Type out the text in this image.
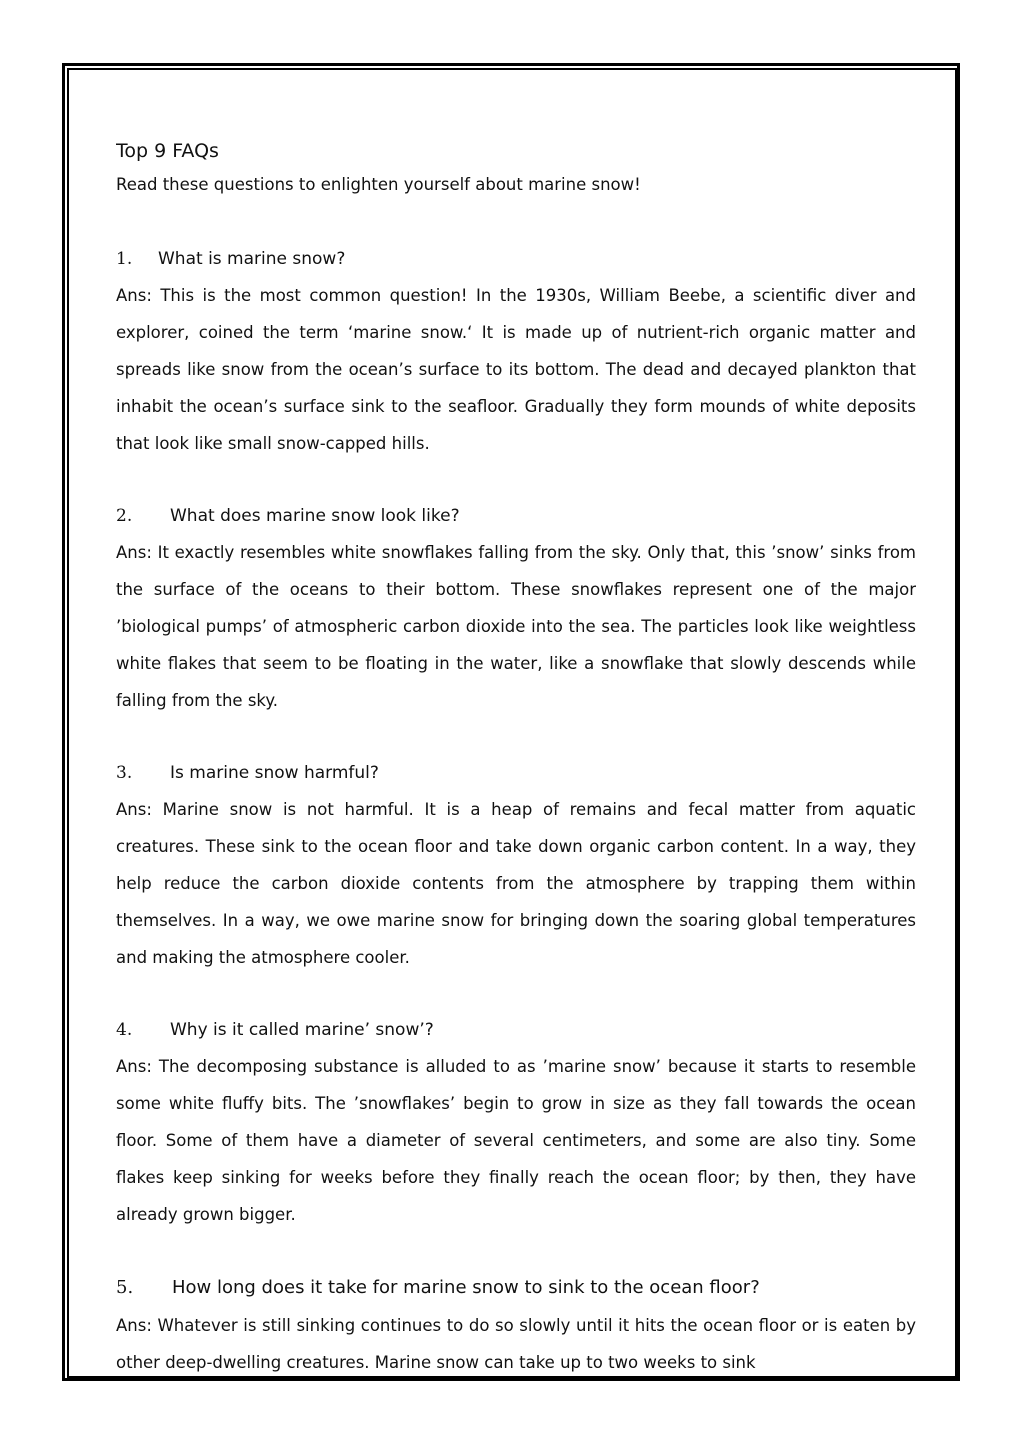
Top 9 FAQs

Read these questions to enlighten yourself about marine snow!

1.	What is marine snow?

Ans: This is the most common question! In the 1930s, William Beebe, a scientific diver and explorer, coined the term ‘marine snow.‘ It is made up of nutrient-rich organic matter and spreads like snow from the ocean’s surface to its bottom. The dead and decayed plankton that inhabit the ocean’s surface sink to the seafloor. Gradually they form mounds of white deposits that look like small snow-capped hills.

2.	What does marine snow look like?

Ans: It exactly resembles white snowflakes falling from the sky. Only that, this ’snow’ sinks from the surface of the oceans to their bottom. These snowflakes represent one of the major ’biological pumps’ of atmospheric carbon dioxide into the sea. The particles look like weightless white flakes that seem to be floating in the water, like a snowflake that slowly descends while falling from the sky.

3.	Is marine snow harmful?

Ans: Marine snow is not harmful. It is a heap of remains and fecal matter from aquatic creatures. These sink to the ocean floor and take down organic carbon content. In a way, they help reduce the carbon dioxide contents from the atmosphere by trapping them within themselves. In a way, we owe marine snow for bringing down the soaring global temperatures and making the atmosphere cooler.

4.	Why is it called marine’ snow’?

Ans: The decomposing substance is alluded to as ’marine snow’ because it starts to resemble some white fluffy bits. The ’snowflakes’ begin to grow in size as they fall towards the ocean floor. Some of them have a diameter of several centimeters, and some are also tiny. Some flakes keep sinking for weeks before they finally reach the ocean floor; by then, they have already grown bigger.

5.	How long does it take for marine snow to sink to the ocean floor?

Ans: Whatever is still sinking continues to do so slowly until it hits the ocean floor or is eaten by other deep-dwelling creatures. Marine snow can take up to two weeks to sink
